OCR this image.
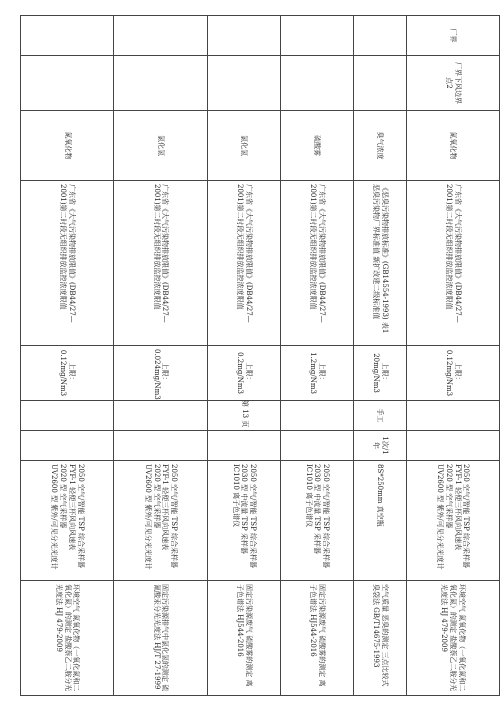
厂界	厂界下风边界点2	氮氧化物	广东省《大气污染物排放限值》(DB44/27—2001)第二时段无组织排放监控浓度限值	上限：0.12mg/Nm3			2050 空气/智能 TSP 综合采样器
FYF-1 轻便三杯风向风速表
2020 型 空气采样器
UV2600 型 紫外/可见分光光度计	环境空气 氮氧化物（一氧化氮和二氧化氮）的测定 盐酸萘乙二胺分光光度法 HJ 479-2009
		臭气浓度	《恶臭污染物排放标准》(GB14554-1993) 表1 恶臭污染物厂界标准值 新扩改建二级标准值	上限：20mg/Nm3	手工	1次/1年	8S*250mm 真空瓶	空气质量 恶臭的测定 三点比较式臭袋法 GB/T14675-1993
		硫酸雾	广东省《大气污染物排放限值》(DB44/27—2001)第二时段无组织排放监控浓度限值	上限：1.2mg/Nm3			2050 空气/智能 TSP 综合采样器
2030 型 中流量 TSP 采样器
IC1010 离子色谱仪	固定污染源废气 硫酸雾的测定 离子色谱法 HJ544-2016
		氯化氢	广东省《大气污染物排放限值》(DB44/27—2001)第二时段无组织排放监控浓度限值	上限：0.2mg/Nm3			2050 空气/智能 TSP 综合采样器
2030 型 中流量 TSP 采样器
IC1010 离子色谱仪	固定污染源废气 硫酸雾的测定 离子色谱法 HJ544-2016
		氯化氢	广东省《大气污染物排放限值》(DB44/27—2001)第二时段无组织排放监控浓度限值	上限：0.024mg/Nm3			2050 空气/智能 TSP 综合采样器
FYF-1 轻便三杯风向风速表
2020 型 空气采样器
UV2600 型 紫外/可见分光光度计	固定污染源排气中氯化氢的测定 硫氰酸汞分光光度法 HJ/T 27-1999
		氮氧化物	广东省《大气污染物排放限值》(DB44/27—2001)第二时段无组织排放监控浓度限值	上限：0.12mg/Nm3			2050 空气/智能 TSP 综合采样器
FYF-1 轻便三杯风向风速表
2020 型 空气采样器
UV2600 型 紫外/可见分光光度计	环境空气 氮氧化物（一氧化氮和二氧化氮）的测定 盐酸萘乙二胺分光光度法 HJ 479-2009
第 13 页
